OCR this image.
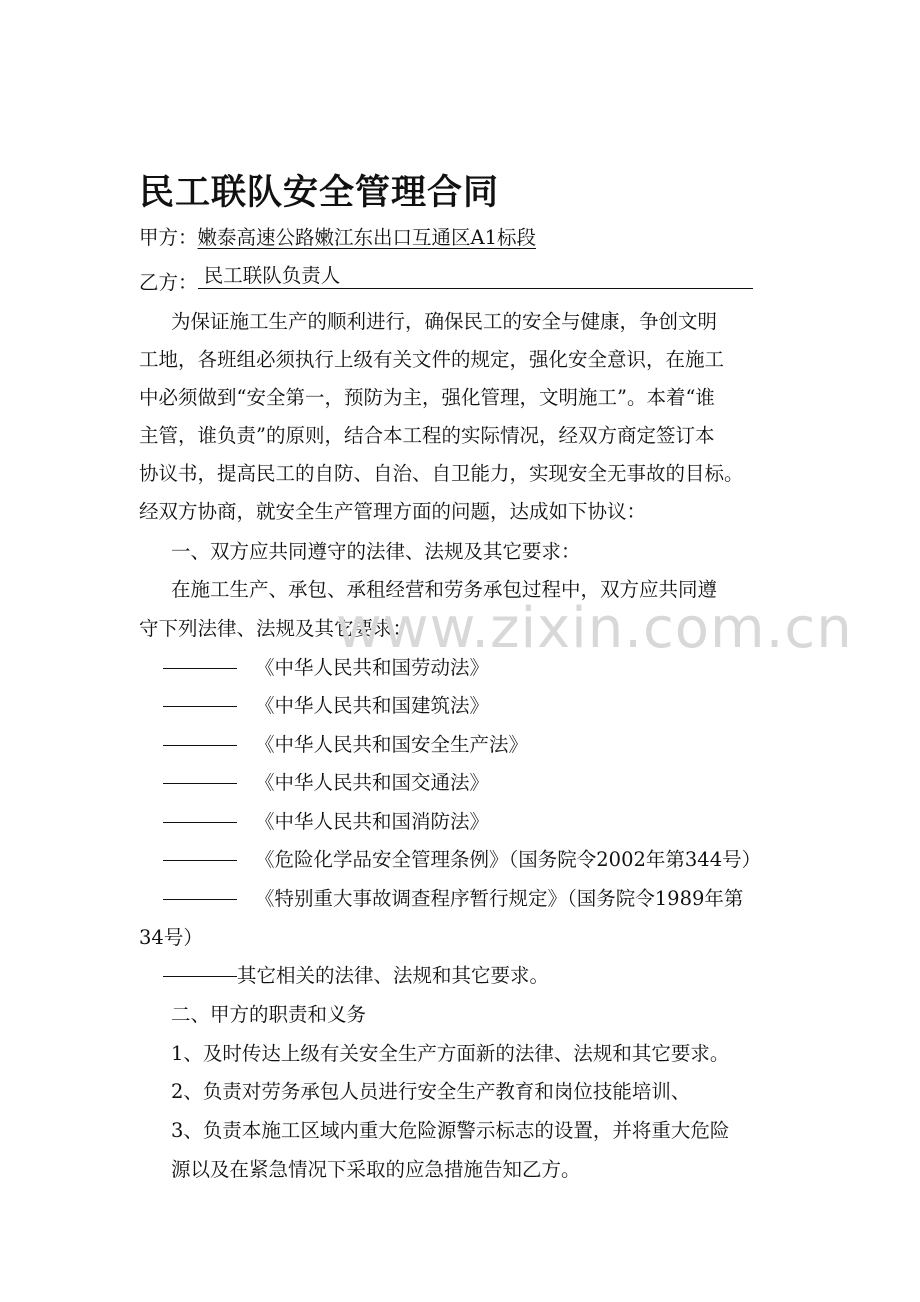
民工联队安全管理合同
甲方：嫩泰高速公路嫩江东出口互通区A1标段
乙方： 民工联队负责人
为保证施工生产的顺利进行，确保民工的安全与健康，争创文明
工地，各班组必须执行上级有关文件的规定，强化安全意识，在施工
中必须做到“安全第一，预防为主，强化管理，文明施工”。本着“谁
主管，谁负责”的原则，结合本工程的实际情况，经双方商定签订本
协议书，提高民工的自防、自治、自卫能力，实现安全无事故的目标。
经双方协商，就安全生产管理方面的问题，达成如下协议：
一、双方应共同遵守的法律、法规及其它要求：
在施工生产、承包、承租经营和劳务承包过程中，双方应共同遵
守下列法律、法规及其它要求：
《中华人民共和国劳动法》
《中华人民共和国建筑法》
《中华人民共和国安全生产法》
《中华人民共和国交通法》
《中华人民共和国消防法》
《危险化学品安全管理条例》（国务院令2002年第344号）
《特别重大事故调查程序暂行规定》（国务院令1989年第
34号）
其它相关的法律、法规和其它要求。
二、甲方的职责和义务
1、及时传达上级有关安全生产方面新的法律、法规和其它要求。
2、负责对劳务承包人员进行安全生产教育和岗位技能培训、
3、负责本施工区域内重大危险源警示标志的设置，并将重大危险
源以及在紧急情况下采取的应急措施告知乙方。
www.zixin.com.cn
